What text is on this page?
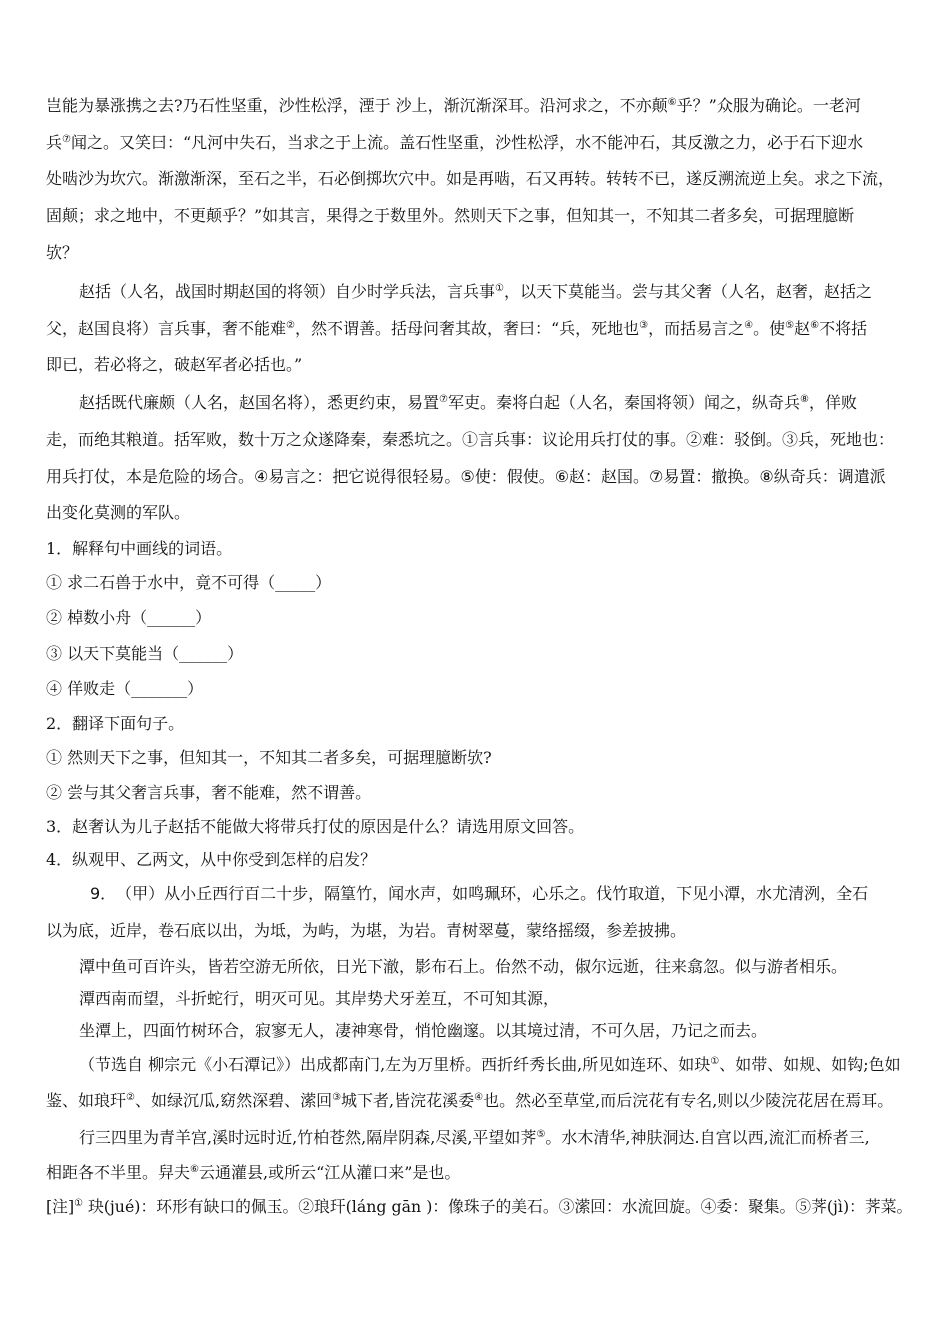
岂能为暴涨携之去?乃石性坚重，沙性松浮，湮于 沙上，渐沉渐深耳。沿河求之，不亦颠⑥乎？”众服为确论。一老河
兵⑦闻之。又笑曰：“凡河中失石，当求之于上流。盖石性坚重，沙性松浮，水不能冲石，其反激之力，必于石下迎水
处啮沙为坎穴。渐激渐深，至石之半，石必倒掷坎穴中。如是再啮，石又再转。转转不已，遂反溯流逆上矣。求之下流，
固颠；求之地中，不更颠乎？”如其言，果得之于数里外。然则天下之事，但知其一，不知其二者多矣，可据理臆断
欤？
赵括（人名，战国时期赵国的将领）自少时学兵法，言兵事①，以天下莫能当。尝与其父奢（人名，赵奢，赵括之
父，赵国良将）言兵事，奢不能难②，然不谓善。括母问奢其故，奢曰：“兵，死地也③，而括易言之④。使⑤赵⑥不将括
即已，若必将之，破赵军者必括也。”
赵括既代廉颇（人名，赵国名将），悉更约束，易置⑦军吏。秦将白起（人名，秦国将领）闻之，纵奇兵⑧，佯败
走，而绝其粮道。括军败，数十万之众遂降秦，秦悉坑之。①言兵事：议论用兵打仗的事。②难：驳倒。③兵，死地也：
用兵打仗，本是危险的场合。④易言之：把它说得很轻易。⑤使：假使。⑥赵：赵国。⑦易置：撤换。⑧纵奇兵：调遣派
出变化莫测的军队。
1．解释句中画线的词语。
① 求二石兽于水中，竟不可得（_____）
② 棹数小舟（______）
③ 以天下莫能当（______）
④ 佯败走（_______）
2．翻译下面句子。
① 然则天下之事，但知其一，不知其二者多矣，可据理臆断欤?
② 尝与其父奢言兵事，奢不能难，然不谓善。
3．赵奢认为儿子赵括不能做大将带兵打仗的原因是什么？请选用原文回答。
4．纵观甲、乙两文，从中你受到怎样的启发？
9．　（甲）从小丘西行百二十步，隔篁竹，闻水声，如鸣珮环，心乐之。伐竹取道，下见小潭，水尤清洌，全石
以为底，近岸，卷石底以出，为坻，为屿，为堪，为岩。青树翠蔓，蒙络摇缀，参差披拂。
潭中鱼可百许头，皆若空游无所依，日光下澈，影布石上。佁然不动，俶尔远逝，往来翕忽。似与游者相乐。
潭西南而望，斗折蛇行，明灭可见。其岸势犬牙差互，不可知其源，
坐潭上，四面竹树环合，寂寥无人，凄神寒骨，悄怆幽邃。以其境过清，不可久居，乃记之而去。
（节选自 柳宗元《小石潭记》）出成都南门,左为万里桥。西折纤秀长曲,所见如连环、如玦①、如带、如规、如钩;色如
鉴、如琅玕②、如绿沉瓜,窈然深碧、潆回③城下者,皆浣花溪委④也。然必至草堂,而后浣花有专名,则以少陵浣花居在焉耳。
行三四里为青羊宫,溪时远时近,竹柏苍然,隔岸阴森,尽溪,平望如荠⑤。水木清华,神肤洞达.自宫以西,流汇而桥者三,
相距各不半里。舁夫⑥云通灌县,或所云“江从灌口来”是也。
[注]① 玦(jué)：环形有缺口的佩玉。②琅玕(láng gān )：像珠子的美石。③潆回：水流回旋。④委：聚集。⑤荠(jì)：荠菜。
